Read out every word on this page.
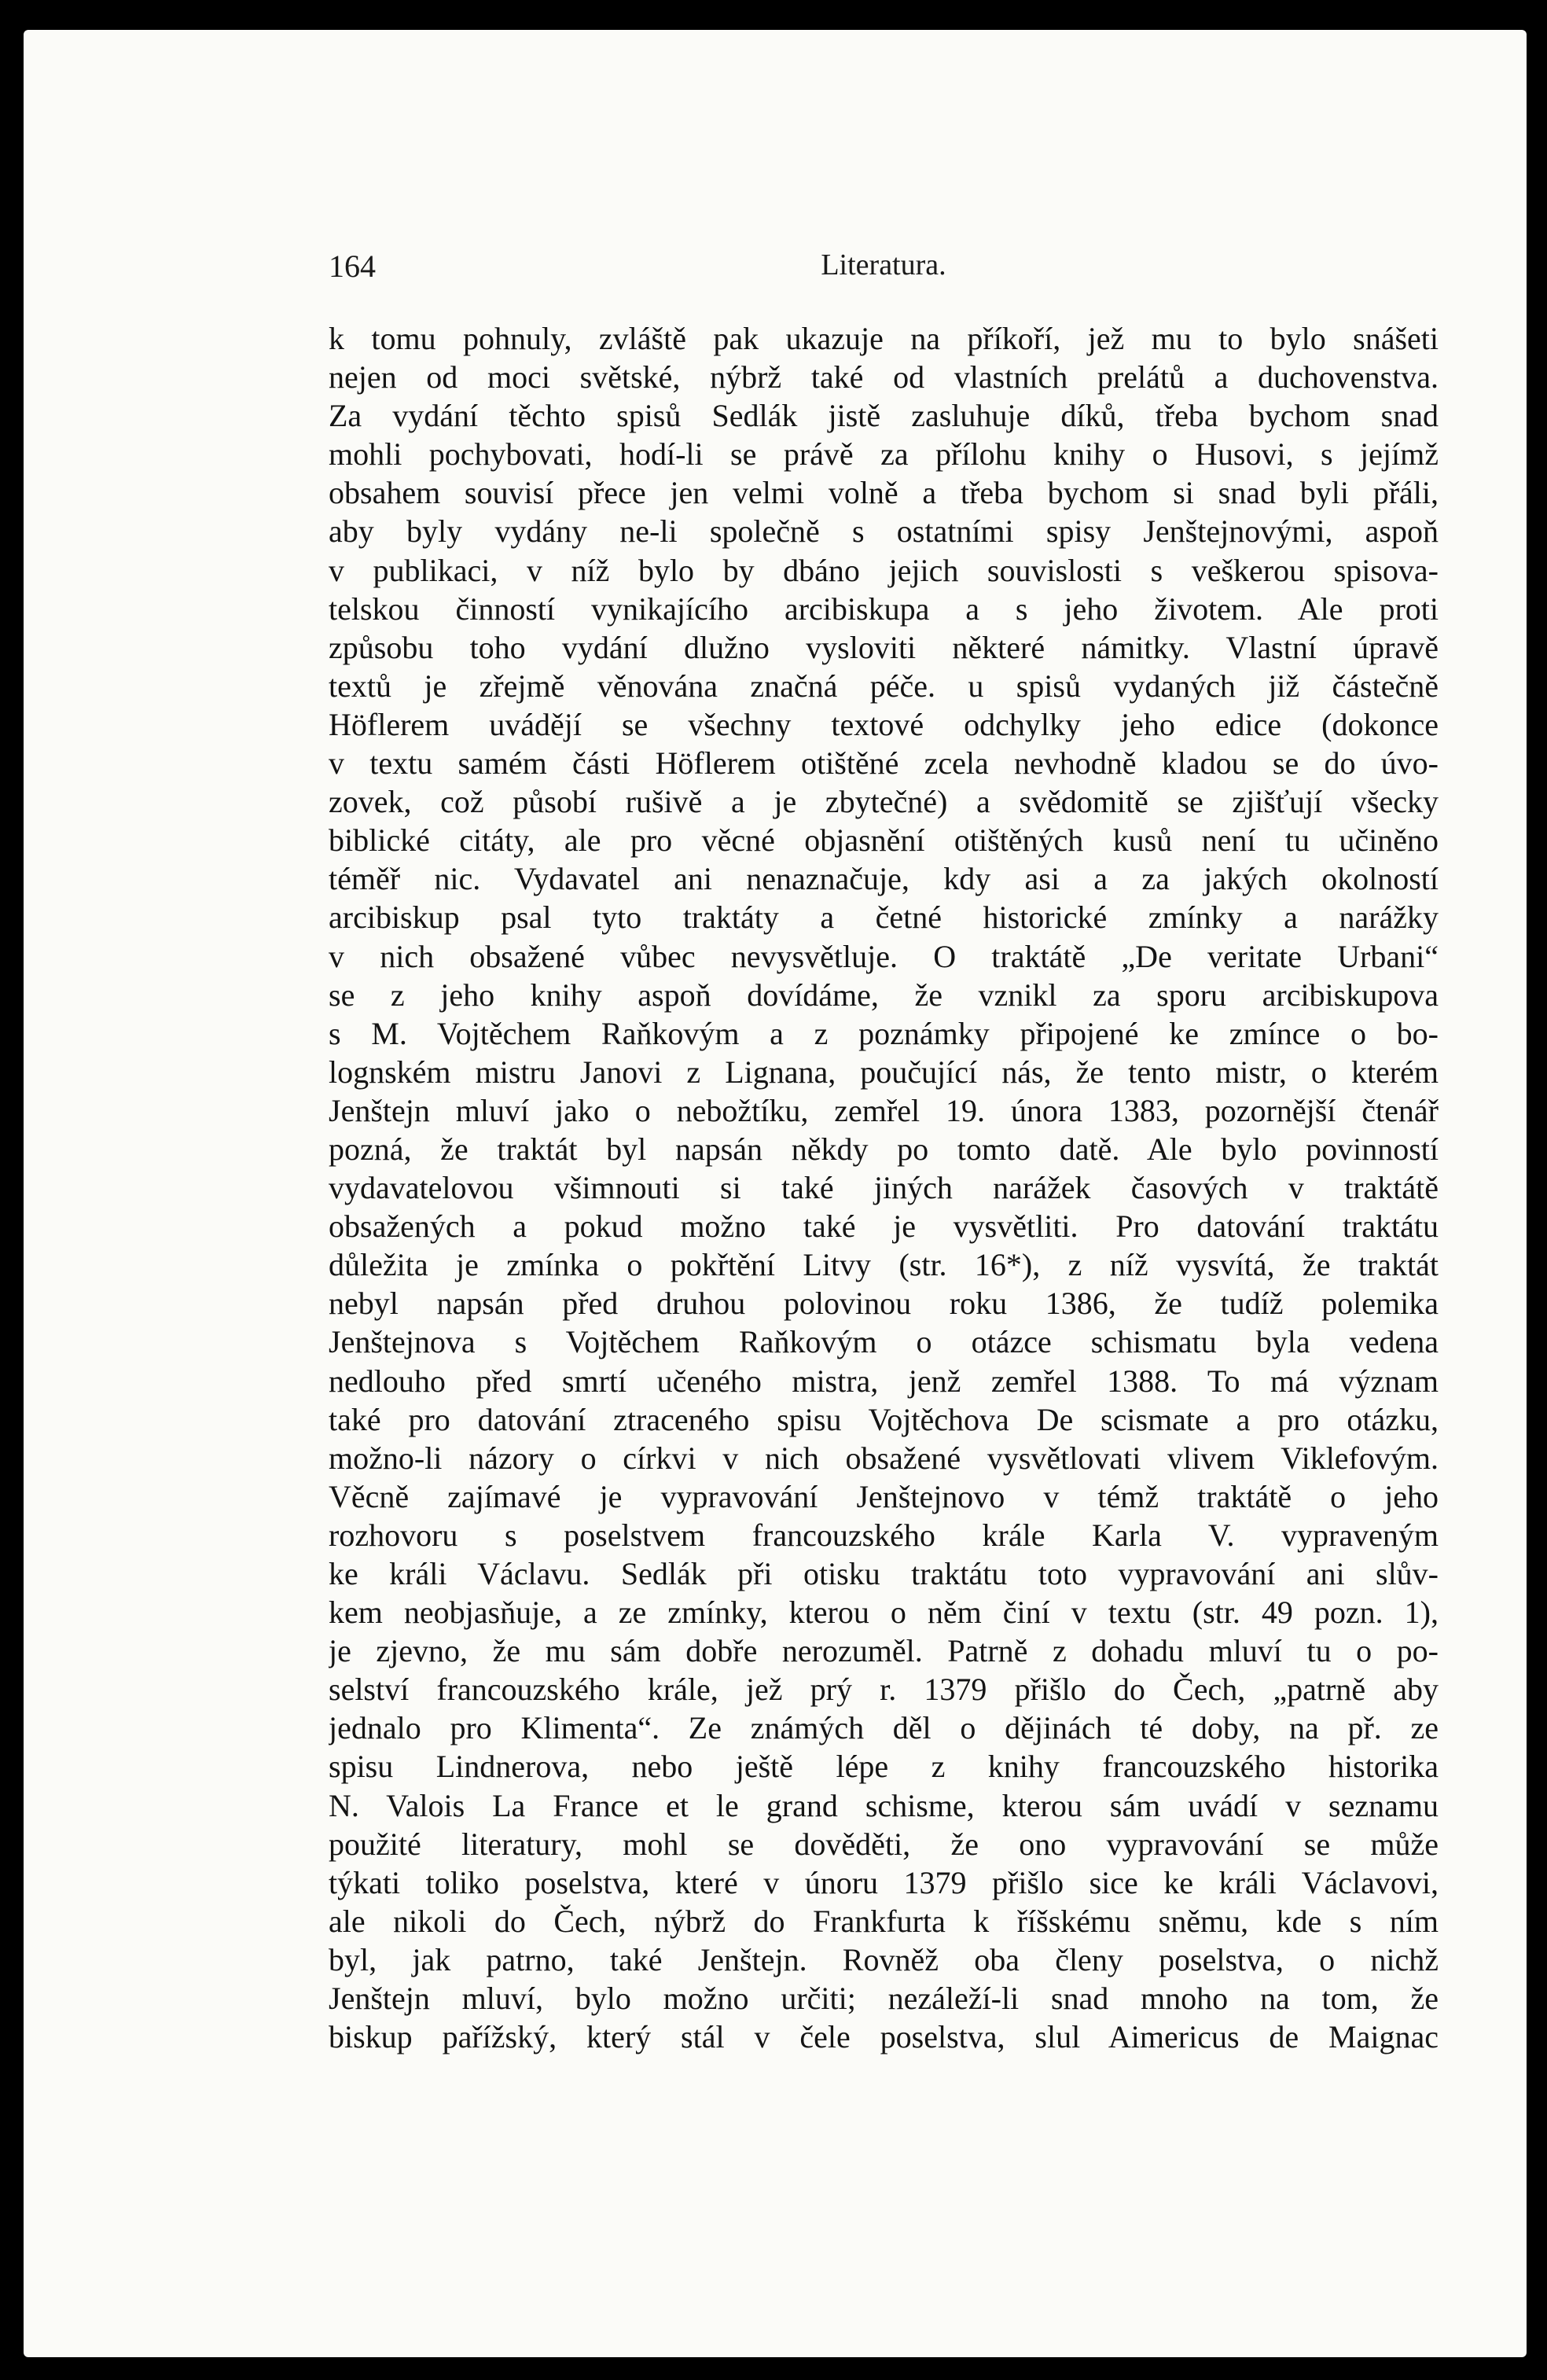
164	Literatura.
k tomu pohnuly, zvláště pak ukazuje na příkoří, jež mu to bylo snášeti
nejen od moci světské, nýbrž také od vlastních prelátů a duchovenstva.
Za vydání těchto spisů Sedlák jistě zasluhuje díků, třeba bychom snad
mohli pochybovati, hodí-li se právě za přílohu knihy o Husovi, s jejímž
obsahem souvisí přece jen velmi volně a třeba bychom si snad byli přáli,
aby byly vydány ne-li společně s ostatními spisy Jenštejnovými, aspoň
v publikaci, v níž bylo by dbáno jejich souvislosti s veškerou spisova-
telskou činností vynikajícího arcibiskupa a s jeho životem. Ale proti
způsobu toho vydání dlužno vysloviti některé námitky. Vlastní úpravě
textů je zřejmě věnována značná péče. u spisů vydaných již částečně
Höflerem uvádějí se všechny textové odchylky jeho edice (dokonce
v textu samém části Höflerem otištěné zcela nevhodně kladou se do úvo-
zovek, což působí rušivě a je zbytečné) a svědomitě se zjišťují všecky
biblické citáty, ale pro věcné objasnění otištěných kusů není tu učiněno
téměř nic. Vydavatel ani nenaznačuje, kdy asi a za jakých okolností
arcibiskup psal tyto traktáty a četné historické zmínky a narážky
v nich obsažené vůbec nevysvětluje. O traktátě „De veritate Urbani“
se z jeho knihy aspoň dovídáme, že vznikl za sporu arcibiskupova
s M. Vojtěchem Raňkovým a z poznámky připojené ke zmínce o bo-
lognském mistru Janovi z Lignana, poučující nás, že tento mistr, o kterém
Jenštejn mluví jako o nebožtíku, zemřel 19. února 1383, pozornější čtenář
pozná, že traktát byl napsán někdy po tomto datě. Ale bylo povinností
vydavatelovou všimnouti si také jiných narážek časových v traktátě
obsažených a pokud možno také je vysvětliti. Pro datování traktátu
důležita je zmínka o pokřtění Litvy (str. 16*), z níž vysvítá, že traktát
nebyl napsán před druhou polovinou roku 1386, že tudíž polemika
Jenštejnova s Vojtěchem Raňkovým o otázce schismatu byla vedena
nedlouho před smrtí učeného mistra, jenž zemřel 1388. To má význam
také pro datování ztraceného spisu Vojtěchova De scismate a pro otázku,
možno-li názory o církvi v nich obsažené vysvětlovati vlivem Viklefovým.
Věcně zajímavé je vypravování Jenštejnovo v témž traktátě o jeho
rozhovoru s poselstvem francouzského krále Karla V. vypraveným
ke králi Václavu. Sedlák při otisku traktátu toto vypravování ani slův-
kem neobjasňuje, a ze zmínky, kterou o něm činí v textu (str. 49 pozn. 1),
je zjevno, že mu sám dobře nerozuměl. Patrně z dohadu mluví tu o po-
selství francouzského krále, jež prý r. 1379 přišlo do Čech, „patrně aby
jednalo pro Klimenta“. Ze známých děl o dějinách té doby, na př. ze
spisu Lindnerova, nebo ještě lépe z knihy francouzského historika
N. Valois La France et le grand schisme, kterou sám uvádí v seznamu
použité literatury, mohl se dověděti, že ono vypravování se může
týkati toliko poselstva, které v únoru 1379 přišlo sice ke králi Václavovi,
ale nikoli do Čech, nýbrž do Frankfurta k říšskému sněmu, kde s ním
byl, jak patrno, také Jenštejn. Rovněž oba členy poselstva, o nichž
Jenštejn mluví, bylo možno určiti; nezáleží-li snad mnoho na tom, že
biskup pařížský, který stál v čele poselstva, slul Aimericus de Maignac
